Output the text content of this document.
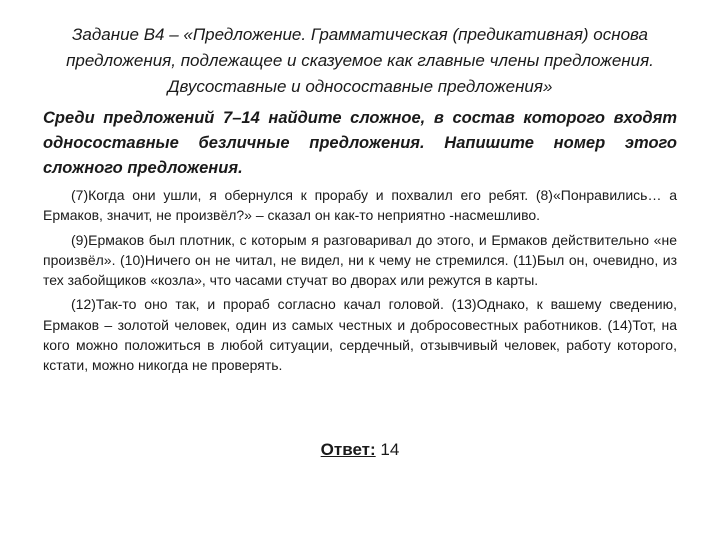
Задание В4 – «Предложение. Грамматическая (предикативная) основа предложения, подлежащее и сказуемое как главные члены предложения. Двусоставные и односоставные предложения»

Среди предложений 7–14 найдите сложное, в состав которого входят односоставные безличные предложения. Напишите номер этого сложного предложения.

(7)Когда они ушли, я обернулся к прорабу и похвалил его ребят. (8)«Понравились… а Ермаков, значит, не произвёл?» – сказал он как-то неприятно -насмешливо.

(9)Ермаков был плотник, с которым я разговаривал до этого, и Ермаков действительно «не произвёл». (10)Ничего он не читал, не видел, ни к чему не стремился. (11)Был он, очевидно, из тех забойщиков «козла», что часами стучат во дворах или режутся в карты.

(12)Так-то оно так, и прораб согласно качал головой. (13)Однако, к вашему сведению, Ермаков – золотой человек, один из самых честных и добросовестных работников. (14)Тот, на кого можно положиться в любой ситуации, сердечный, отзывчивый человек, работу которого, кстати, можно никогда не проверять.

Ответ: 14
